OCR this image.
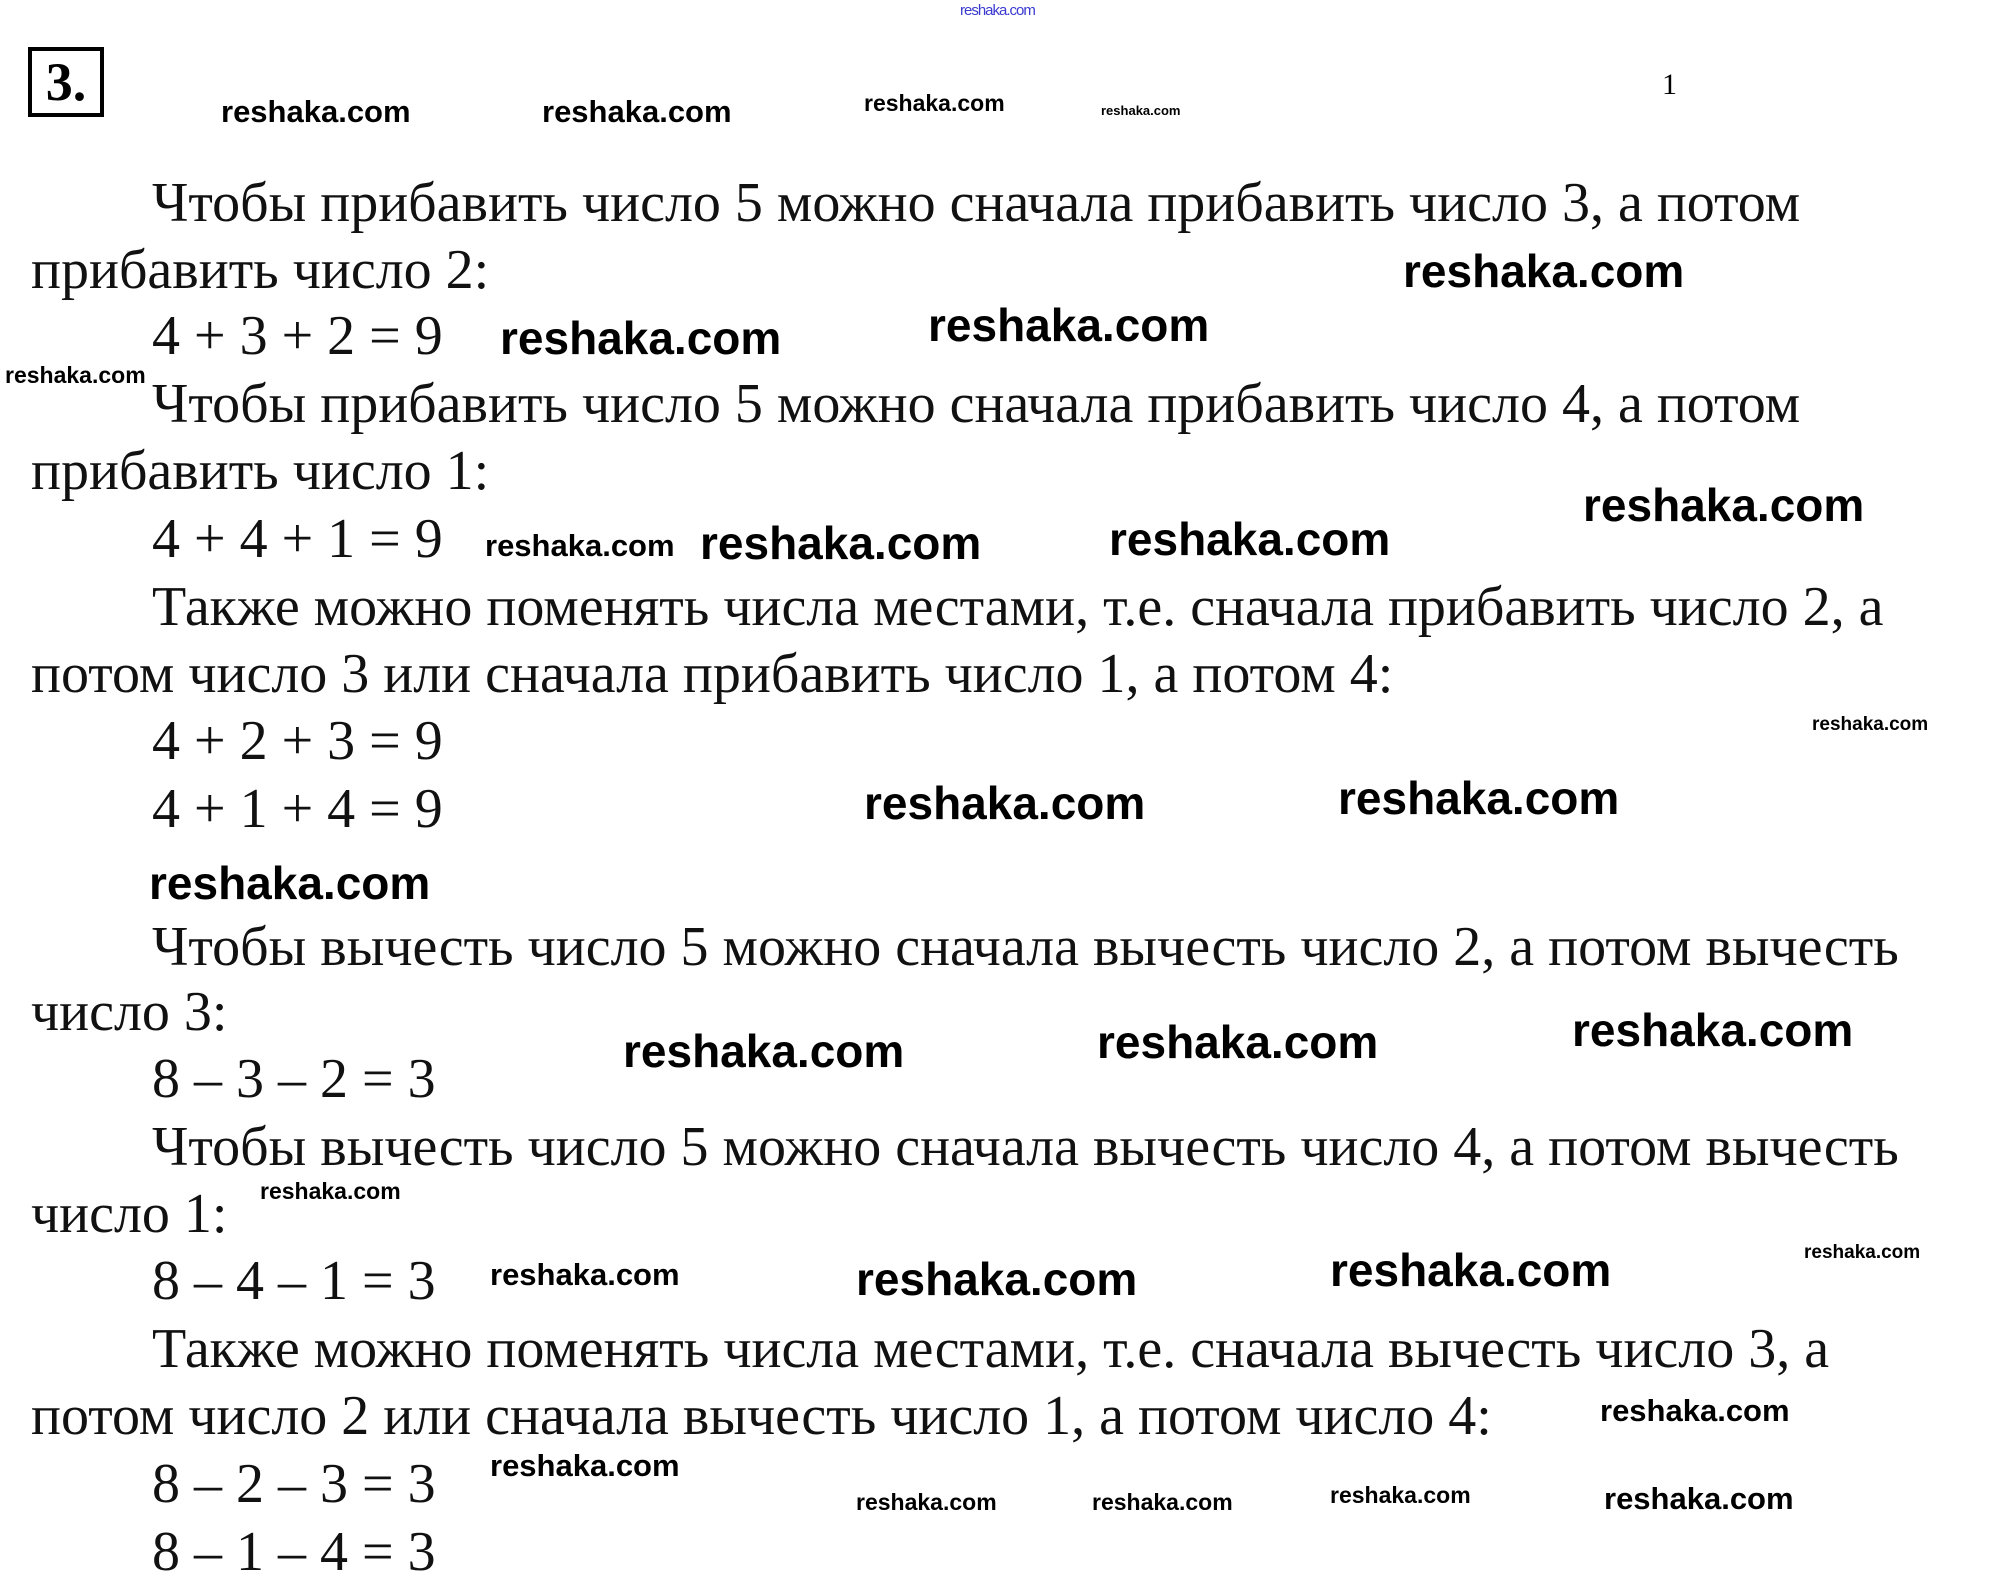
reshaka.com
3.	1
Чтобы прибавить число 5 можно сначала прибавить число 3, а потом
прибавить число 2:
4 + 3 + 2 = 9
Чтобы прибавить число 5 можно сначала прибавить число 4, а потом
прибавить число 1:
4 + 4 + 1 = 9
Также можно поменять числа местами, т.е. сначала прибавить число 2, а
потом число 3 или сначала прибавить число 1, а потом 4:
4 + 2 + 3 = 9
4 + 1 + 4 = 9
Чтобы вычесть число 5 можно сначала вычесть число 2, а потом вычесть
число 3:
8 – 3 – 2 = 3
Чтобы вычесть число 5 можно сначала вычесть число 4, а потом вычесть
число 1:
8 – 4 – 1 = 3
Также можно поменять числа местами, т.е. сначала вычесть число 3, а
потом число 2 или сначала вычесть число 1, а потом число 4:
8 – 2 – 3 = 3
8 – 1 – 4 = 3
reshaka.com	reshaka.com	reshaka.com	reshaka.com
reshaka.com
reshaka.com	reshaka.com
reshaka.com
reshaka.com
reshaka.com	reshaka.com
reshaka.com
reshaka.com
reshaka.com	reshaka.com
reshaka.com
reshaka.com	reshaka.com	reshaka.com
reshaka.com
reshaka.com
reshaka.com	reshaka.com	reshaka.com
reshaka.com
reshaka.com
reshaka.com	reshaka.com	reshaka.com	reshaka.com
